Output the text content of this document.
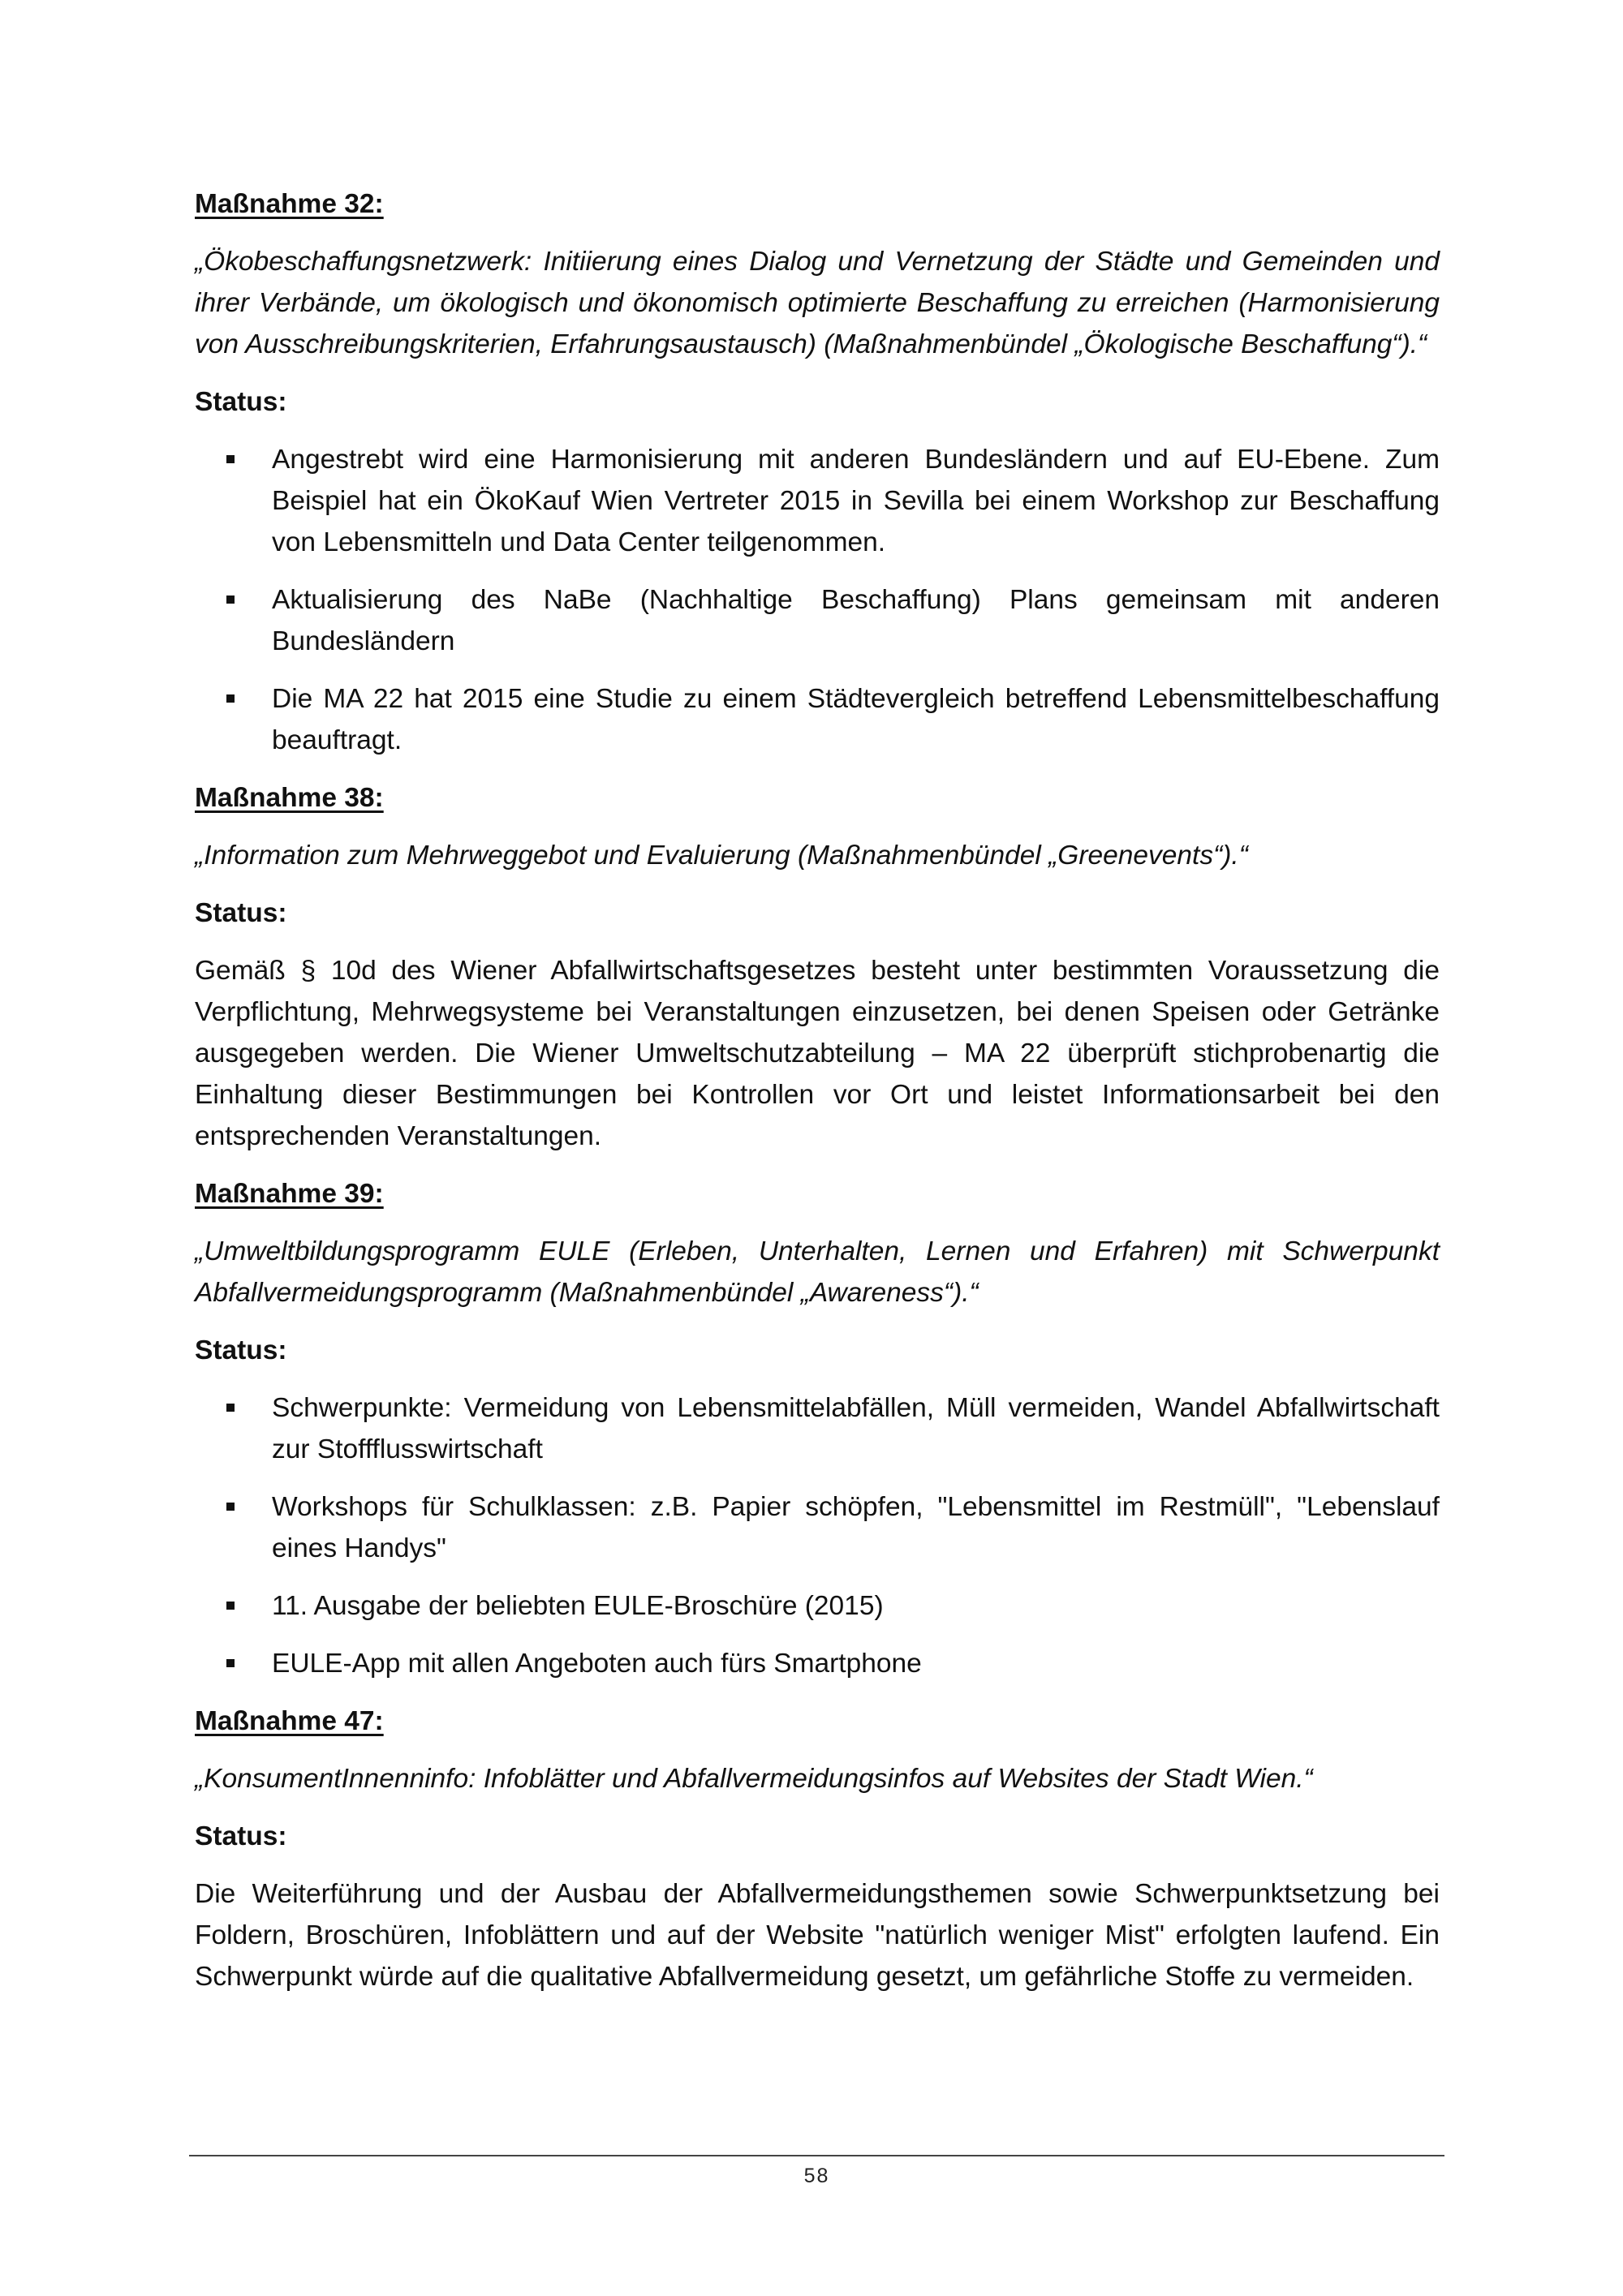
Maßnahme 32:
„Ökobeschaffungsnetzwerk: Initiierung eines Dialog und Vernetzung der Städte und Gemeinden und ihrer Verbände, um ökologisch und ökonomisch optimierte Beschaffung zu erreichen (Harmonisierung von Ausschreibungskriterien, Erfahrungsaustausch) (Maßnahmenbündel „Ökologische Beschaffung“).“
Status:
Angestrebt wird eine Harmonisierung mit anderen Bundesländern und auf EU-Ebene. Zum Beispiel hat ein ÖkoKauf Wien Vertreter 2015 in Sevilla bei einem Workshop zur Beschaffung von Lebensmitteln und Data Center teilgenommen.
Aktualisierung des NaBe (Nachhaltige Beschaffung) Plans gemeinsam mit anderen Bundesländern
Die MA 22 hat 2015 eine Studie zu einem Städtevergleich betreffend Lebensmittelbeschaffung beauftragt.
Maßnahme 38:
„Information zum Mehrweggebot und Evaluierung (Maßnahmenbündel „Greenevents“).“
Status:
Gemäß § 10d des Wiener Abfallwirtschaftsgesetzes besteht unter bestimmten Voraussetzung die Verpflichtung, Mehrwegsysteme bei Veranstaltungen einzusetzen, bei denen Speisen oder Getränke ausgegeben werden. Die Wiener Umweltschutzabteilung – MA 22 überprüft stichprobenartig die Einhaltung dieser Bestimmungen bei Kontrollen vor Ort und leistet Informationsarbeit bei den entsprechenden Veranstaltungen.
Maßnahme 39:
„Umweltbildungsprogramm EULE (Erleben, Unterhalten, Lernen und Erfahren) mit Schwerpunkt Abfallvermeidungsprogramm (Maßnahmenbündel „Awareness“).“
Status:
Schwerpunkte: Vermeidung von Lebensmittelabfällen, Müll vermeiden, Wandel Abfallwirtschaft zur Stoffflusswirtschaft
Workshops für Schulklassen: z.B. Papier schöpfen, "Lebensmittel im Restmüll", "Lebenslauf eines Handys"
11. Ausgabe der beliebten EULE-Broschüre (2015)
EULE-App mit allen Angeboten auch fürs Smartphone
Maßnahme 47:
„KonsumentInnenninfo: Infoblätter und Abfallvermeidungsinfos auf Websites der Stadt Wien.“
Status:
Die Weiterführung und der Ausbau der Abfallvermeidungsthemen sowie Schwerpunktsetzung bei Foldern, Broschüren, Infoblättern und auf der Website "natürlich weniger Mist" erfolgten laufend. Ein Schwerpunkt würde auf die qualitative Abfallvermeidung gesetzt, um gefährliche Stoffe zu vermeiden.
58
